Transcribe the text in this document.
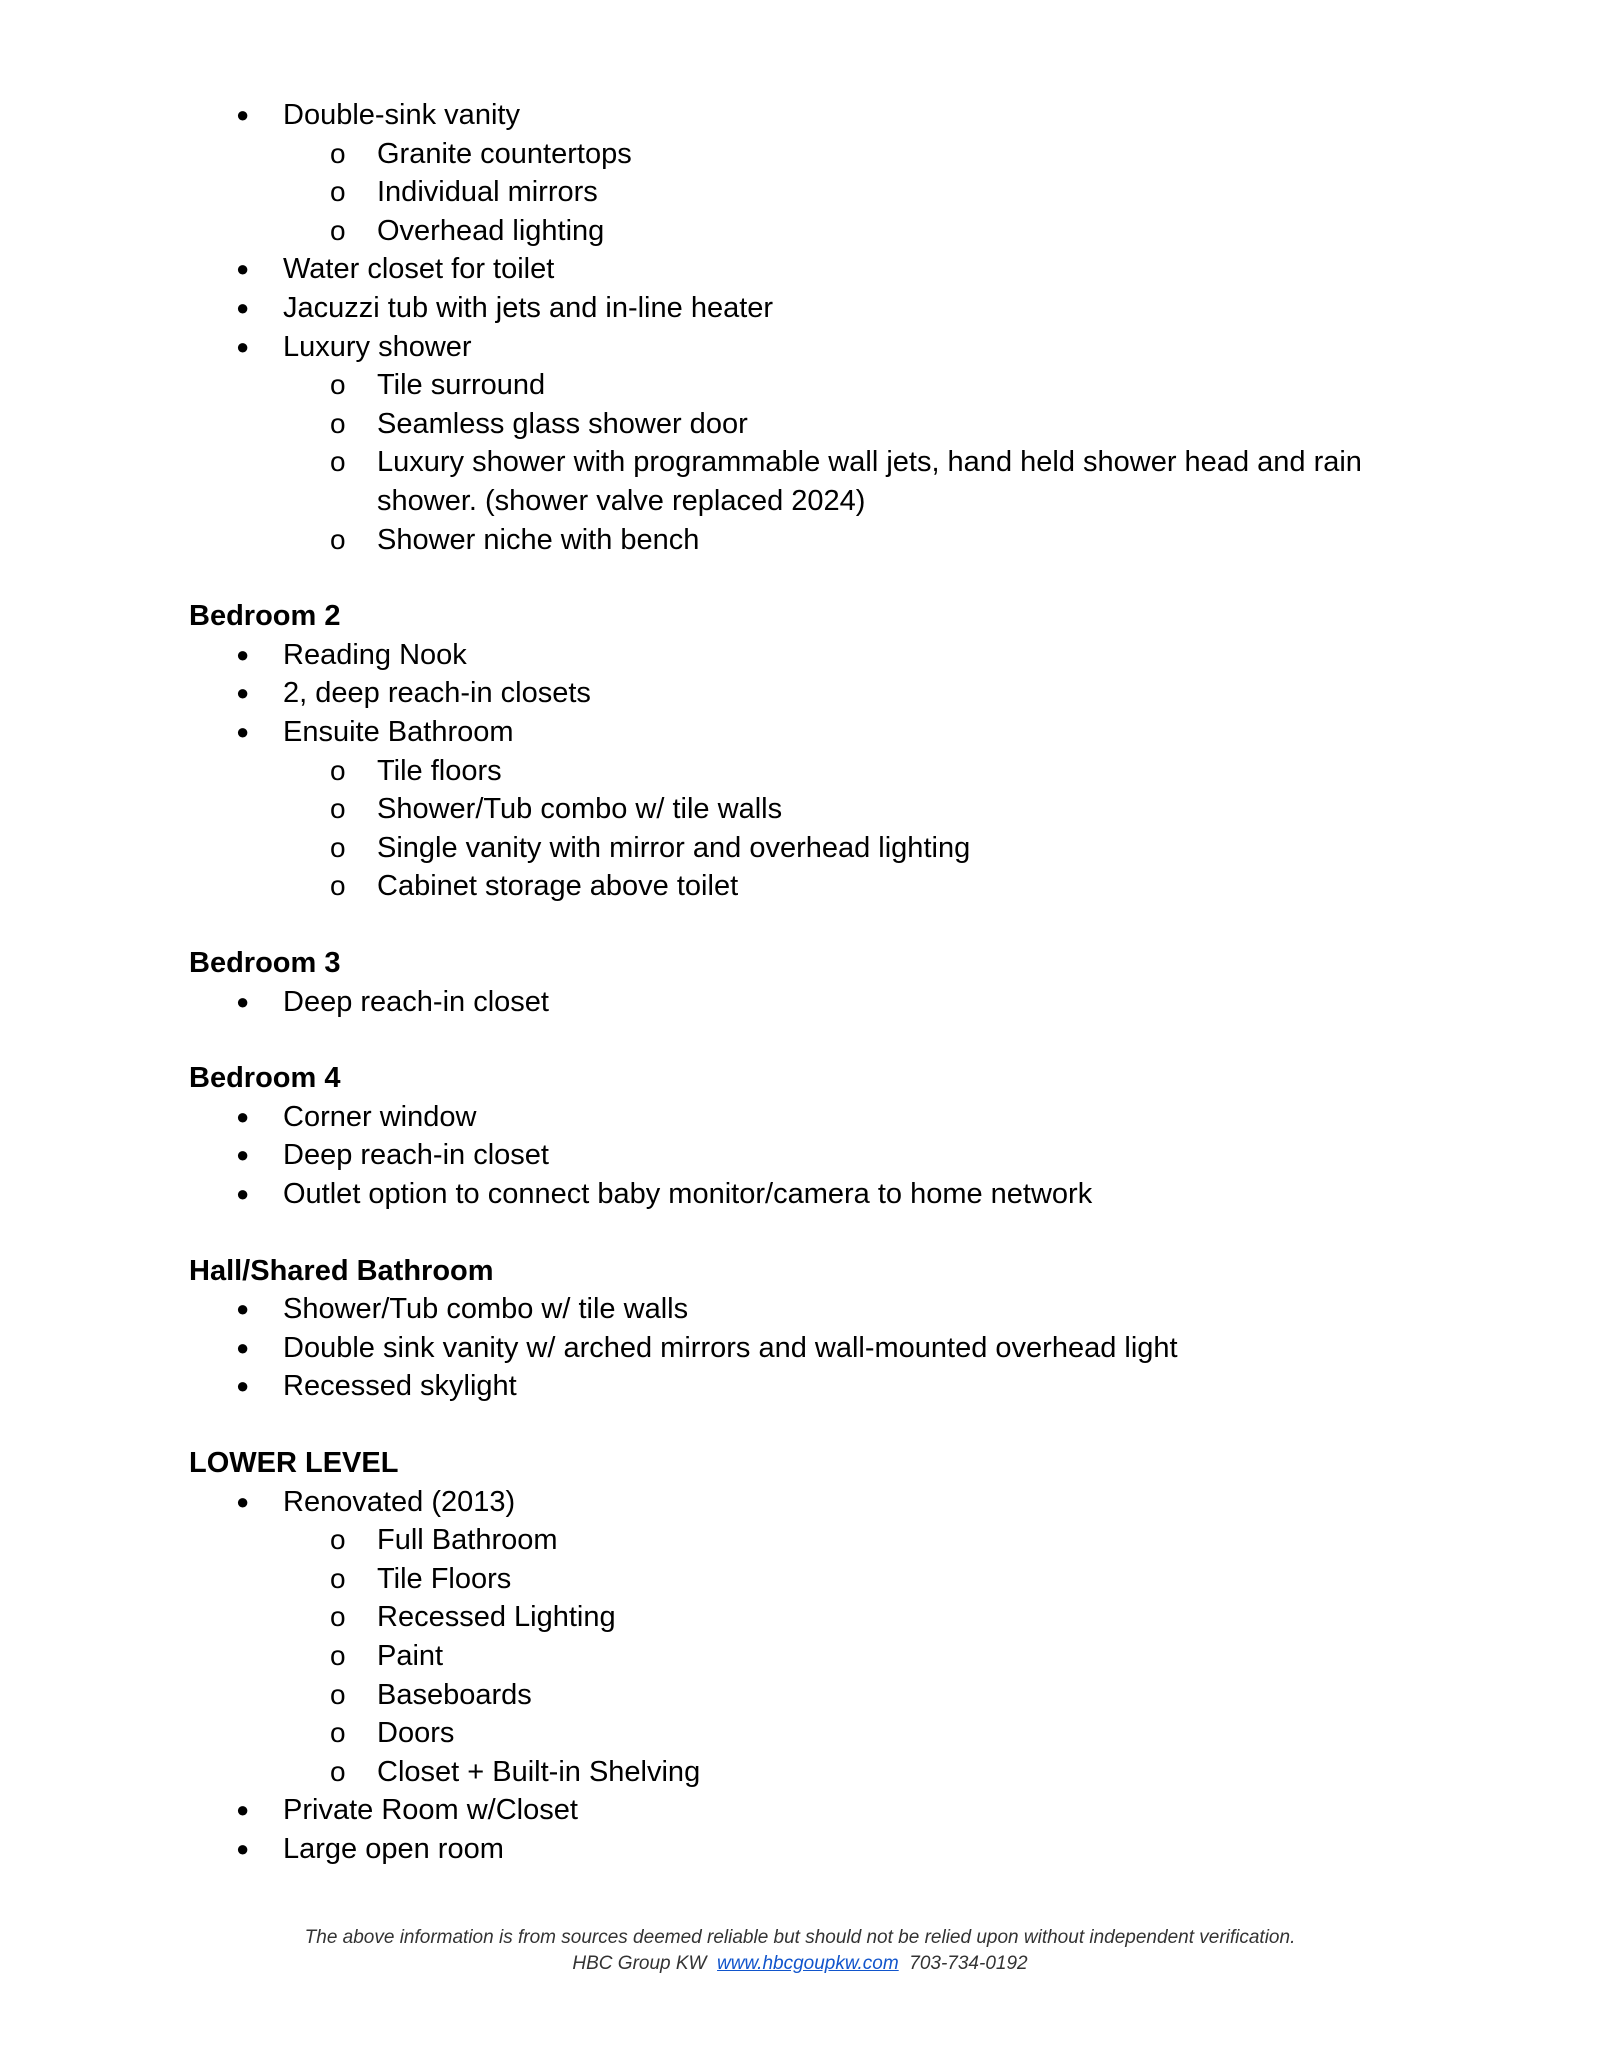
● Double-sink vanity
o Granite countertops
o Individual mirrors
o Overhead lighting
● Water closet for toilet
● Jacuzzi tub with jets and in-line heater
● Luxury shower
o Tile surround
o Seamless glass shower door
o Luxury shower with programmable wall jets, hand held shower head and rain
shower. (shower valve replaced 2024)
o Shower niche with bench
Bedroom 2
● Reading Nook
● 2, deep reach-in closets
● Ensuite Bathroom
o Tile floors
o Shower/Tub combo w/ tile walls
o Single vanity with mirror and overhead lighting
o Cabinet storage above toilet
Bedroom 3
● Deep reach-in closet
Bedroom 4
● Corner window
● Deep reach-in closet
● Outlet option to connect baby monitor/camera to home network
Hall/Shared Bathroom
● Shower/Tub combo w/ tile walls
● Double sink vanity w/ arched mirrors and wall-mounted overhead light
● Recessed skylight
LOWER LEVEL
● Renovated (2013)
o Full Bathroom
o Tile Floors
o Recessed Lighting
o Paint
o Baseboards
o Doors
o Closet + Built-in Shelving
● Private Room w/Closet
● Large open room
The above information is from sources deemed reliable but should not be relied upon without independent verification.
HBC Group KW www.hbcgoupkw.com 703-734-0192
